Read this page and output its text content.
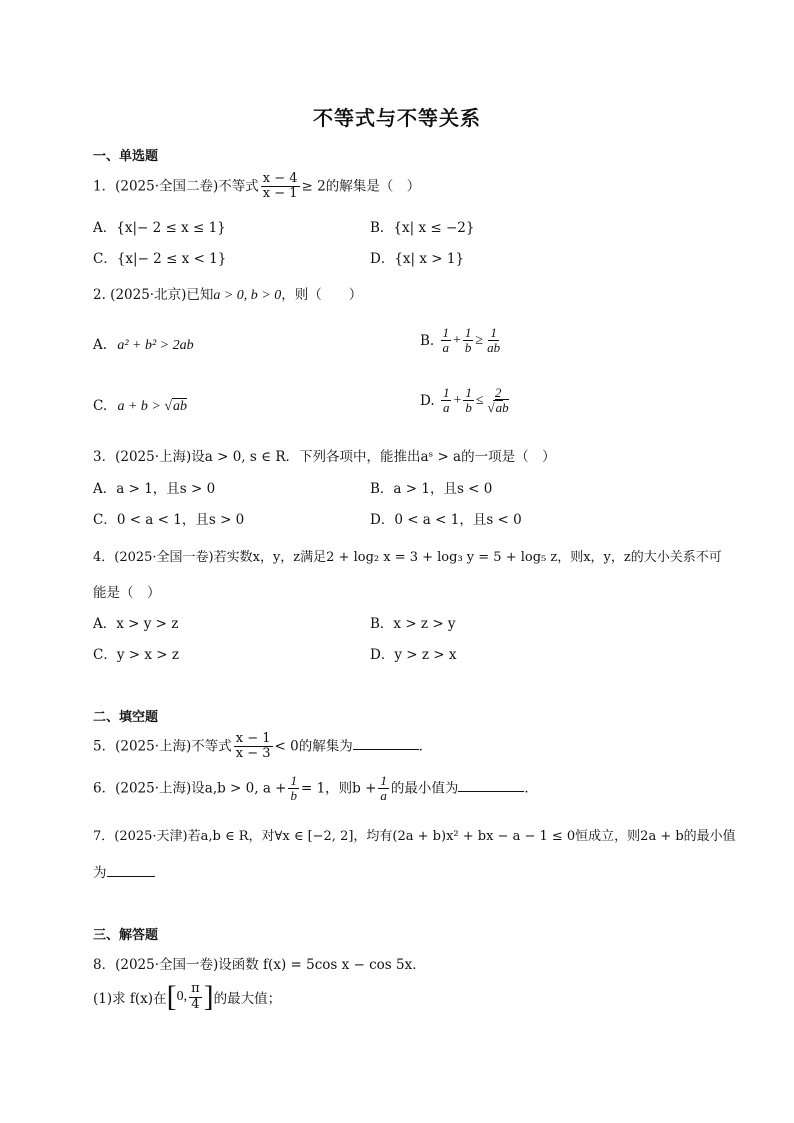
不等式与不等关系
一、单选题
1．(2025·全国二卷)不等式 $\frac{x - 4}{x - 1} \ge 2$的解集是（　）
A．{x|− 2 ≤ x ≤ 1}	B．{x| x ≤ −2}
C．{x|− 2 ≤ x < 1}	D．{x| x > 1}
2. (2025·北京)已知a > 0, b > 0，则（　　）
A. a² + b² > 2ab	B. $\frac{1}{a} + \frac{1}{b} \ge \frac{1}{ab}$
C. a + b > √ab	D. $\frac{1}{a} + \frac{1}{b} \le \frac{2}{√ab}$
3．(2025·上海)设a > 0, s ∈ R．下列各项中，能推出aˢ > a的一项是（　）
A．a > 1，且s > 0	B．a > 1，且s < 0
C．0 < a < 1，且s > 0	D．0 < a < 1，且s < 0
4．(2025·全国一卷)若实数x，y，z满足2 + log₂ x = 3 + log₃ y = 5 + log₅ z，则x，y，z的大小关系不可
能是（　）
A．x > y > z	B．x > z > y
C．y > x > z	D．y > z > x
二、填空题
5．(2025·上海)不等式 $\frac{x - 1}{x - 3} < 0$的解集为	．
6．(2025·上海)设a,b > 0, $a + \frac{1}{b} = 1$，则$b + \frac{1}{a}$ 的最小值为	．
7．(2025·天津)若a,b ∈ R，对∀x ∈ [−2, 2]，均有(2a + b)x² + bx − a − 1 ≤ 0恒成立，则2a + b的最小值
为
三、解答题
8．(2025·全国一卷)设函数 f(x) = 5cos x − cos 5x．
(1)求 f(x)在[0, $\frac{\pi}{4}$ ]的最大值；
